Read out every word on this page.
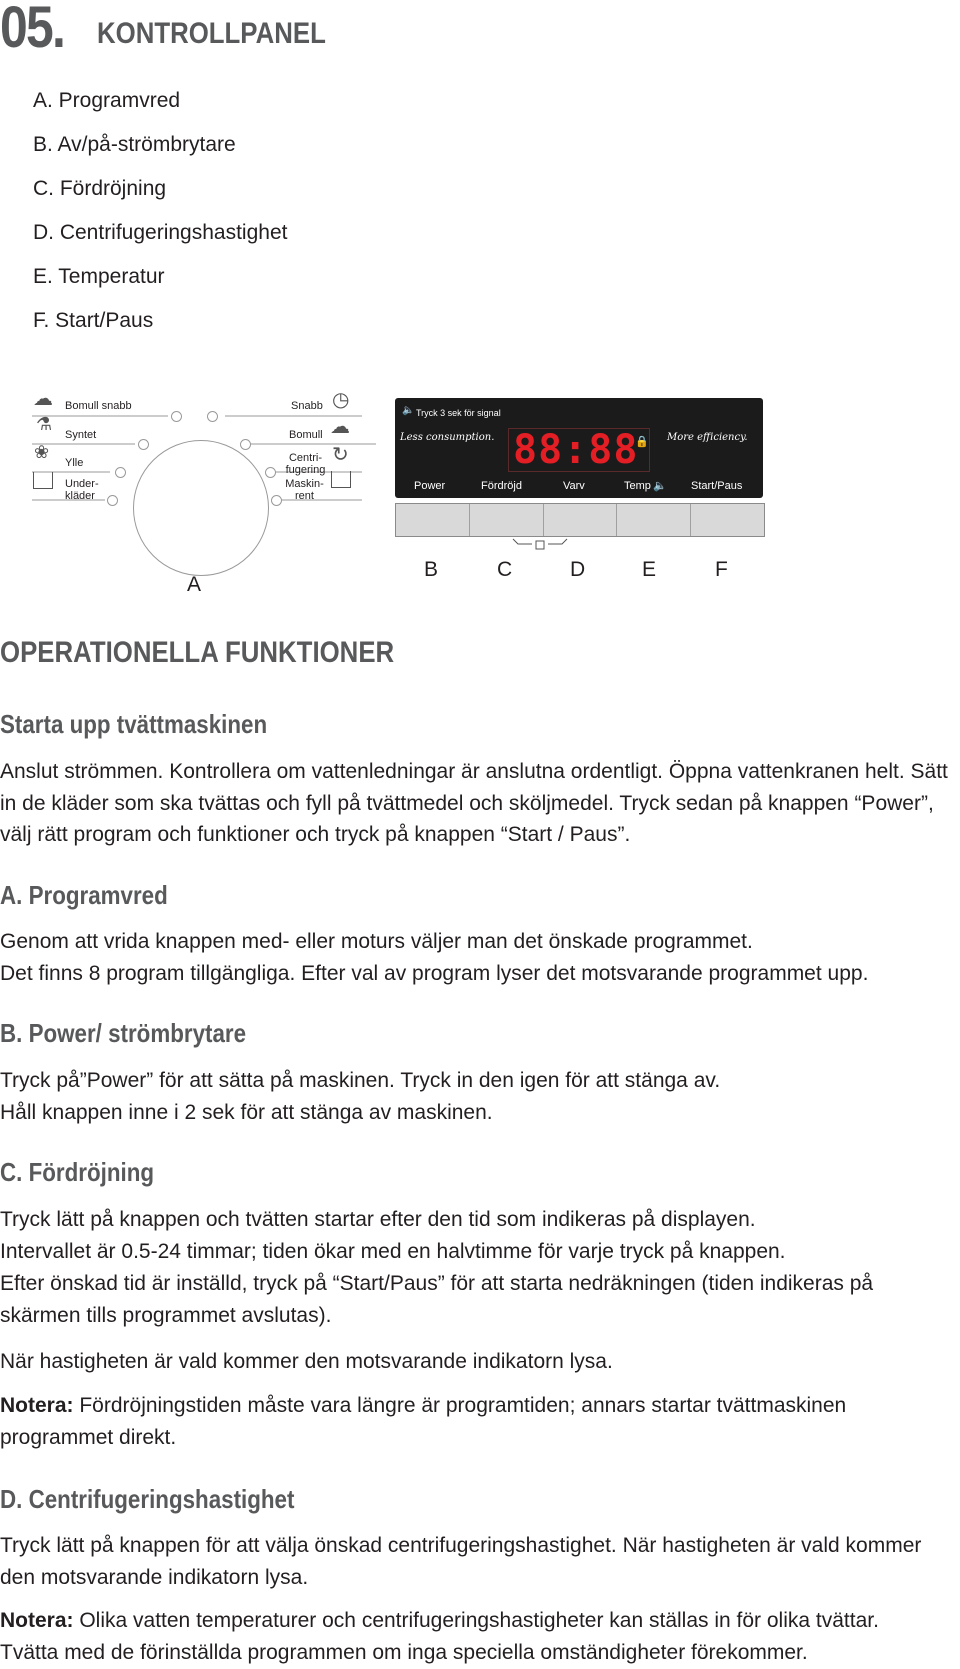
05. KONTROLLPANEL
A. Programvred
B. Av/på-strömbrytare
C. Fördröjning
D. Centrifugeringshastighet
E. Temperatur
F. Start/Paus
☁
⚗
❀
Bomull snabb
Syntet
Ylle
Under-
kläder
Snabb
Bomull
Centri-
fugering
Maskin-
rent
◷
☁
↻
A
🔈 Tryck 3 sek för signal
Less consumption.	More efficiency.
Power	Fördröjd	Varv	Temp 🔈 Start/Paus
88:88
🔒
B	C	D	E	F
OPERATIONELLA FUNKTIONER
Starta upp tvättmaskinen
Anslut strömmen. Kontrollera om vattenledningar är anslutna ordentligt. Öppna vattenkranen helt. Sätt in de kläder som ska tvättas och fyll på tvättmedel och sköljmedel. Tryck sedan på knappen “Power”, välj rätt program och funktioner och tryck på knappen “Start / Paus”.
A. Programvred
Genom att vrida knappen med- eller moturs väljer man det önskade programmet.
Det finns 8 program tillgängliga. Efter val av program lyser det motsvarande programmet upp.
B. Power/ strömbrytare
Tryck på”Power” för att sätta på maskinen. Tryck in den igen för att stänga av.
Håll knappen inne i 2 sek för att stänga av maskinen.
C. Fördröjning
Tryck lätt på knappen och tvätten startar efter den tid som indikeras på displayen.
Intervallet är 0.5-24 timmar; tiden ökar med en halvtimme för varje tryck på knappen.
Efter önskad tid är inställd, tryck på “Start/Paus” för att starta nedräkningen (tiden indikeras på skärmen tills programmet avslutas).
När hastigheten är vald kommer den motsvarande indikatorn lysa.
Notera: Fördröjningstiden måste vara längre är programtiden; annars startar tvättmaskinen programmet direkt.
D. Centrifugeringshastighet
Tryck lätt på knappen för att välja önskad centrifugeringshastighet. När hastigheten är vald kommer den motsvarande indikatorn lysa.
Notera: Olika vatten temperaturer och centrifugeringshastigheter kan ställas in för olika tvättar. Tvätta med de förinställda programmen om inga speciella omständigheter förekommer.
